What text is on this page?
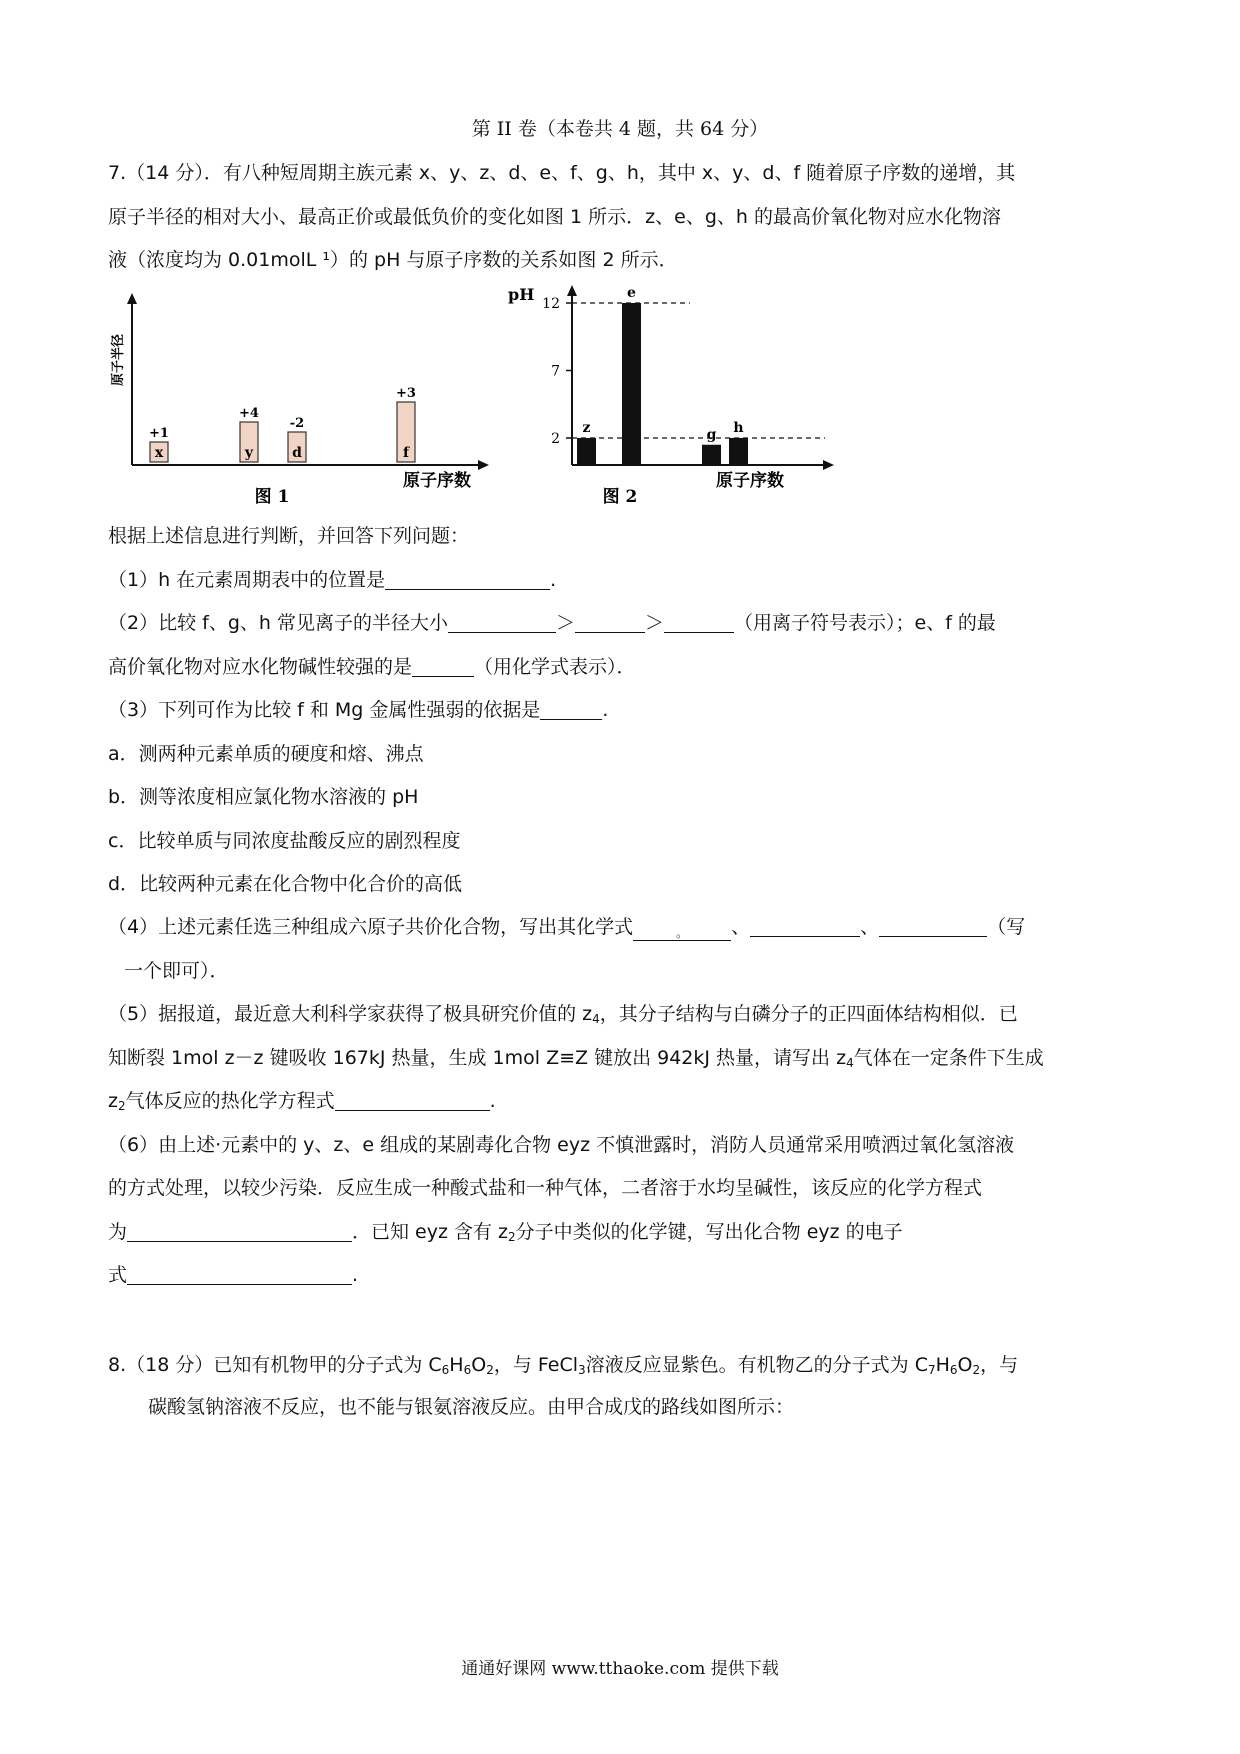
第 II 卷（本卷共 4 题，共 64 分）
7.（14 分）．有八种短周期主族元素 x、y、z、d、e、f、g、h，其中 x、y、d、f 随着原子序数的递增，其
原子半径的相对大小、最高正价或最低负价的变化如图 1 所示．z、e、g、h 的最高价氧化物对应水化物溶
液（浓度均为 0.01molL ¹）的 pH 与原子序数的关系如图 2 所示．
原子半径
原子序数
图 1
x
+1
y
+4
d
-2
f
+3
pH
原子序数
图 2
2
7
12
z
e
g h
根据上述信息进行判断，并回答下列问题：
（1）h 在元素周期表中的位置是	.
（2）比较 f、g、h 常见离子的半径大小	＞	＞	（用离子符号表示）；e、f 的最
高价氧化物对应水化物碱性较强的是	（用化学式表示）．
（3）下列可作为比较 f 和 Mg 金属性强弱的依据是	.
a．测两种元素单质的硬度和熔、沸点
b．测等浓度相应氯化物水溶液的 pH
c．比较单质与同浓度盐酸反应的剧烈程度
d．比较两种元素在化合物中化合价的高低
（4）上述元素任选三种组成六原子共价化合物，写出其化学式	。 、	、	（写
一个即可）．
（5）据报道，最近意大利科学家获得了极具研究价值的 $z_4$，其分子结构与白磷分子的正四面体结构相似．已
知断裂 1mol z－z 键吸收 167kJ 热量，生成 1mol Z≡Z 键放出 942kJ 热量，请写出 $z_4$气体在一定条件下生成
$z_2$气体反应的热化学方程式	.
（6）由上述·元素中的 y、z、e 组成的某剧毒化合物 eyz 不慎泄露时，消防人员通常采用喷洒过氧化氢溶液
的方式处理，以较少污染．反应生成一种酸式盐和一种气体，二者溶于水均呈碱性，该反应的化学方程式
为	．已知 eyz 含有 $z_2$分子中类似的化学键，写出化合物 eyz 的电子
式	.
8.（18 分）已知有机物甲的分子式为 $C_6H_6O_2$，与 FeCl$_3$溶液反应显紫色。有机物乙的分子式为 $C_7H_6O_2$，与
碳酸氢钠溶液不反应，也不能与银氨溶液反应。由甲合成戊的路线如图所示：
通通好课网 www.tthaoke.com 提供下载
